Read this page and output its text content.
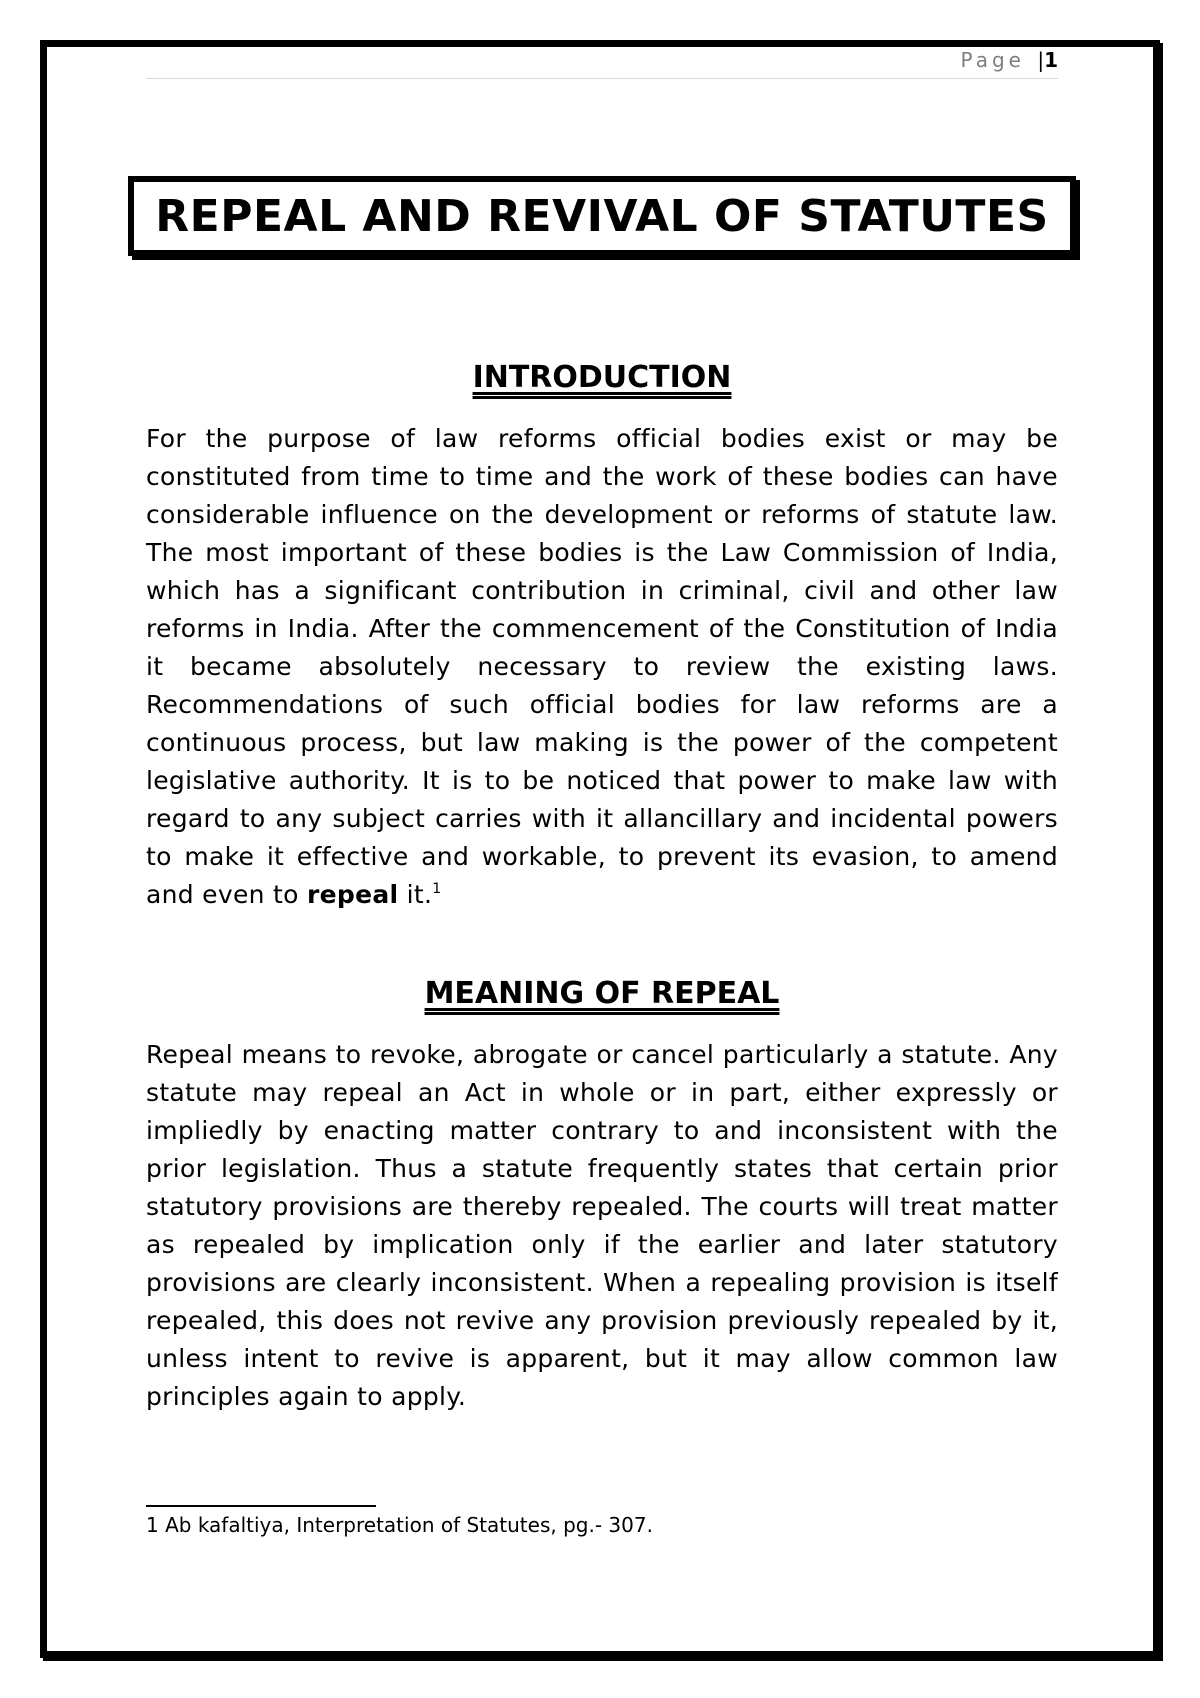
Page |1
REPEAL AND REVIVAL OF STATUTES
INTRODUCTION

For the purpose of law reforms official bodies exist or may be constituted from time to time and the work of these bodies can have considerable influence on the development or reforms of statute law. The most important of these bodies is the Law Commission of India, which has a significant contribution in criminal, civil and other law reforms in India. After the commencement of the Constitution of India it became absolutely necessary to review the existing laws. Recommendations of such official bodies for law reforms are a continuous process, but law making is the power of the competent legislative authority. It is to be noticed that power to make law with regard to any subject carries with it allancillary and incidental powers to make it effective and workable, to prevent its evasion, to amend and even to repeal it.$^1$

MEANING OF REPEAL

Repeal means to revoke, abrogate or cancel particularly a statute. Any statute may repeal an Act in whole or in part, either expressly or impliedly by enacting matter contrary to and inconsistent with the prior legislation. Thus a statute frequently states that certain prior statutory provisions are thereby repealed. The courts will treat matter as repealed by implication only if the earlier and later statutory provisions are clearly inconsistent. When a repealing provision is itself repealed, this does not revive any provision previously repealed by it, unless intent to revive is apparent, but it may allow common law principles again to apply.

1 Ab kafaltiya, Interpretation of Statutes, pg.- 307.
